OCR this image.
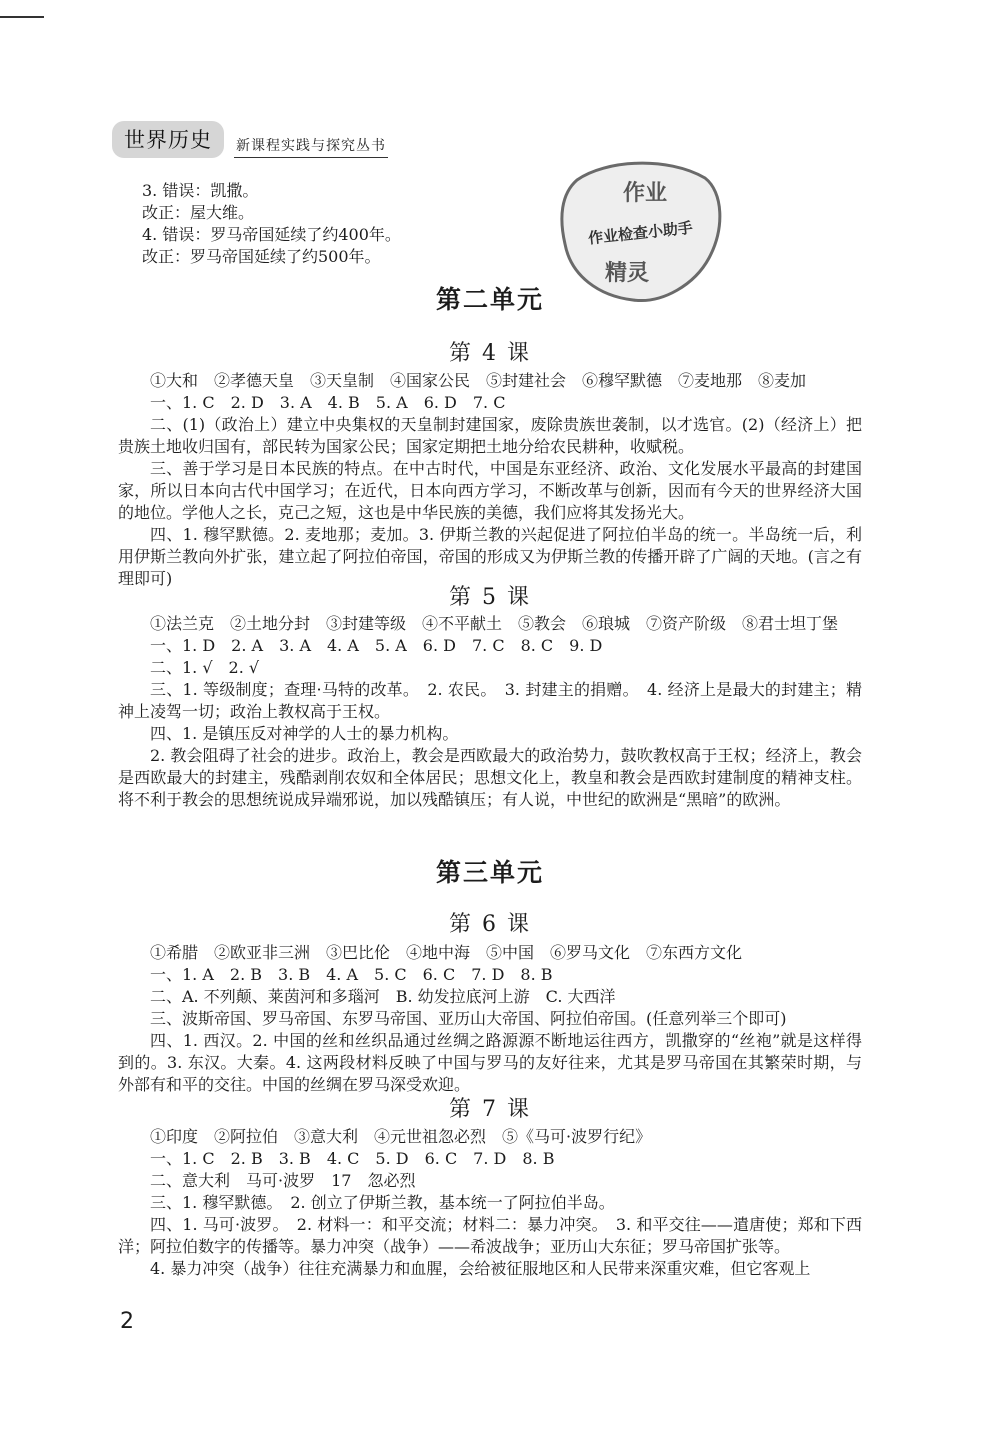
世界历史	新课程实践与探究丛书
作业
作业检查小助手
精灵
3. 错误：凯撒。
改正：屋大维。
4. 错误：罗马帝国延续了约400年。
改正：罗马帝国延续了约500年。
第二单元
第 4 课
①大和　②孝德天皇　③天皇制　④国家公民　⑤封建社会　⑥穆罕默德　⑦麦地那　⑧麦加
一、1. C　2. D　3. A　4. B　5. A　6. D　7. C
二、(1)（政治上）建立中央集权的天皇制封建国家，废除贵族世袭制，以才选官。(2)（经济上）把贵族土地收归国有，部民转为国家公民；国家定期把土地分给农民耕种，收赋税。
三、善于学习是日本民族的特点。在中古时代，中国是东亚经济、政治、文化发展水平最高的封建国家，所以日本向古代中国学习；在近代，日本向西方学习，不断改革与创新，因而有今天的世界经济大国的地位。学他人之长，克己之短，这也是中华民族的美德，我们应将其发扬光大。
四、1. 穆罕默德。2. 麦地那；麦加。3. 伊斯兰教的兴起促进了阿拉伯半岛的统一。半岛统一后，利用伊斯兰教向外扩张，建立起了阿拉伯帝国，帝国的形成又为伊斯兰教的传播开辟了广阔的天地。(言之有理即可)
第 5 课
①法兰克　②土地分封　③封建等级　④不平献土　⑤教会　⑥琅城　⑦资产阶级　⑧君士坦丁堡
一、1. D　2. A　3. A　4. A　5. A　6. D　7. C　8. C　9. D
二、1. √　2. √
三、1. 等级制度；查理·马特的改革。　2. 农民。　3. 封建主的捐赠。　4. 经济上是最大的封建主；精神上凌驾一切；政治上教权高于王权。
四、1. 是镇压反对神学的人士的暴力机构。
2. 教会阻碍了社会的进步。政治上，教会是西欧最大的政治势力，鼓吹教权高于王权；经济上，教会是西欧最大的封建主，残酷剥削农奴和全体居民；思想文化上，教皇和教会是西欧封建制度的精神支柱。将不利于教会的思想统说成异端邪说，加以残酷镇压；有人说，中世纪的欧洲是“黑暗”的欧洲。
第三单元
第 6 课
①希腊　②欧亚非三洲　③巴比伦　④地中海　⑤中国　⑥罗马文化　⑦东西方文化
一、1. A　2. B　3. B　4. A　5. C　6. C　7. D　8. B
二、A. 不列颠、莱茵河和多瑙河　B. 幼发拉底河上游　C. 大西洋
三、波斯帝国、罗马帝国、东罗马帝国、亚历山大帝国、阿拉伯帝国。(任意列举三个即可)
四、1. 西汉。2. 中国的丝和丝织品通过丝绸之路源源不断地运往西方，凯撒穿的“丝袍”就是这样得到的。3. 东汉。大秦。4. 这两段材料反映了中国与罗马的友好往来，尤其是罗马帝国在其繁荣时期，与外部有和平的交往。中国的丝绸在罗马深受欢迎。
第 7 课
①印度　②阿拉伯　③意大利　④元世祖忽必烈　⑤《马可·波罗行纪》
一、1. C　2. B　3. B　4. C　5. D　6. C　7. D　8. B
二、意大利　马可·波罗　17　忽必烈
三、1. 穆罕默德。　2. 创立了伊斯兰教，基本统一了阿拉伯半岛。
四、1. 马可·波罗。　2. 材料一：和平交流；材料二：暴力冲突。　3. 和平交往——遣唐使；郑和下西洋；阿拉伯数字的传播等。暴力冲突（战争）——希波战争；亚历山大东征；罗马帝国扩张等。
4. 暴力冲突（战争）往往充满暴力和血腥，会给被征服地区和人民带来深重灾难，但它客观上
2
